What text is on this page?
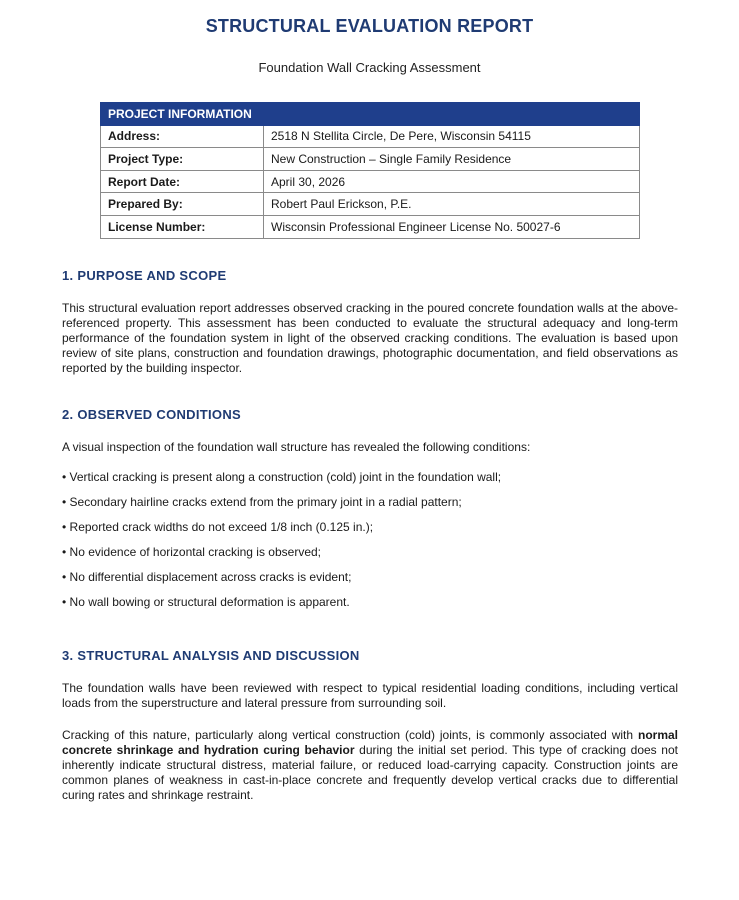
STRUCTURAL EVALUATION REPORT

Foundation Wall Cracking Assessment

PROJECT INFORMATION	
Address:	2518 N Stellita Circle, De Pere, Wisconsin 54115
Project Type:	New Construction – Single Family Residence
Report Date:	April 30, 2026
Prepared By:	Robert Paul Erickson, P.E.
License Number:	Wisconsin Professional Engineer License No. 50027-6
1. PURPOSE AND SCOPE

This structural evaluation report addresses observed cracking in the poured concrete foundation walls at the above-referenced property. This assessment has been conducted to evaluate the structural adequacy and long-term performance of the foundation system in light of the observed cracking conditions. The evaluation is based upon review of site plans, construction and foundation drawings, photographic documentation, and field observations as reported by the building inspector.

2. OBSERVED CONDITIONS

A visual inspection of the foundation wall structure has revealed the following conditions:

• Vertical cracking is present along a construction (cold) joint in the foundation wall;
• Secondary hairline cracks extend from the primary joint in a radial pattern;
• Reported crack widths do not exceed 1/8 inch (0.125 in.);
• No evidence of horizontal cracking is observed;
• No differential displacement across cracks is evident;
• No wall bowing or structural deformation is apparent.
3. STRUCTURAL ANALYSIS AND DISCUSSION

The foundation walls have been reviewed with respect to typical residential loading conditions, including vertical loads from the superstructure and lateral pressure from surrounding soil.

Cracking of this nature, particularly along vertical construction (cold) joints, is commonly associated with normal concrete shrinkage and hydration curing behavior during the initial set period. This type of cracking does not inherently indicate structural distress, material failure, or reduced load-carrying capacity. Construction joints are common planes of weakness in cast-in-place concrete and frequently develop vertical cracks due to differential curing rates and shrinkage restraint.
